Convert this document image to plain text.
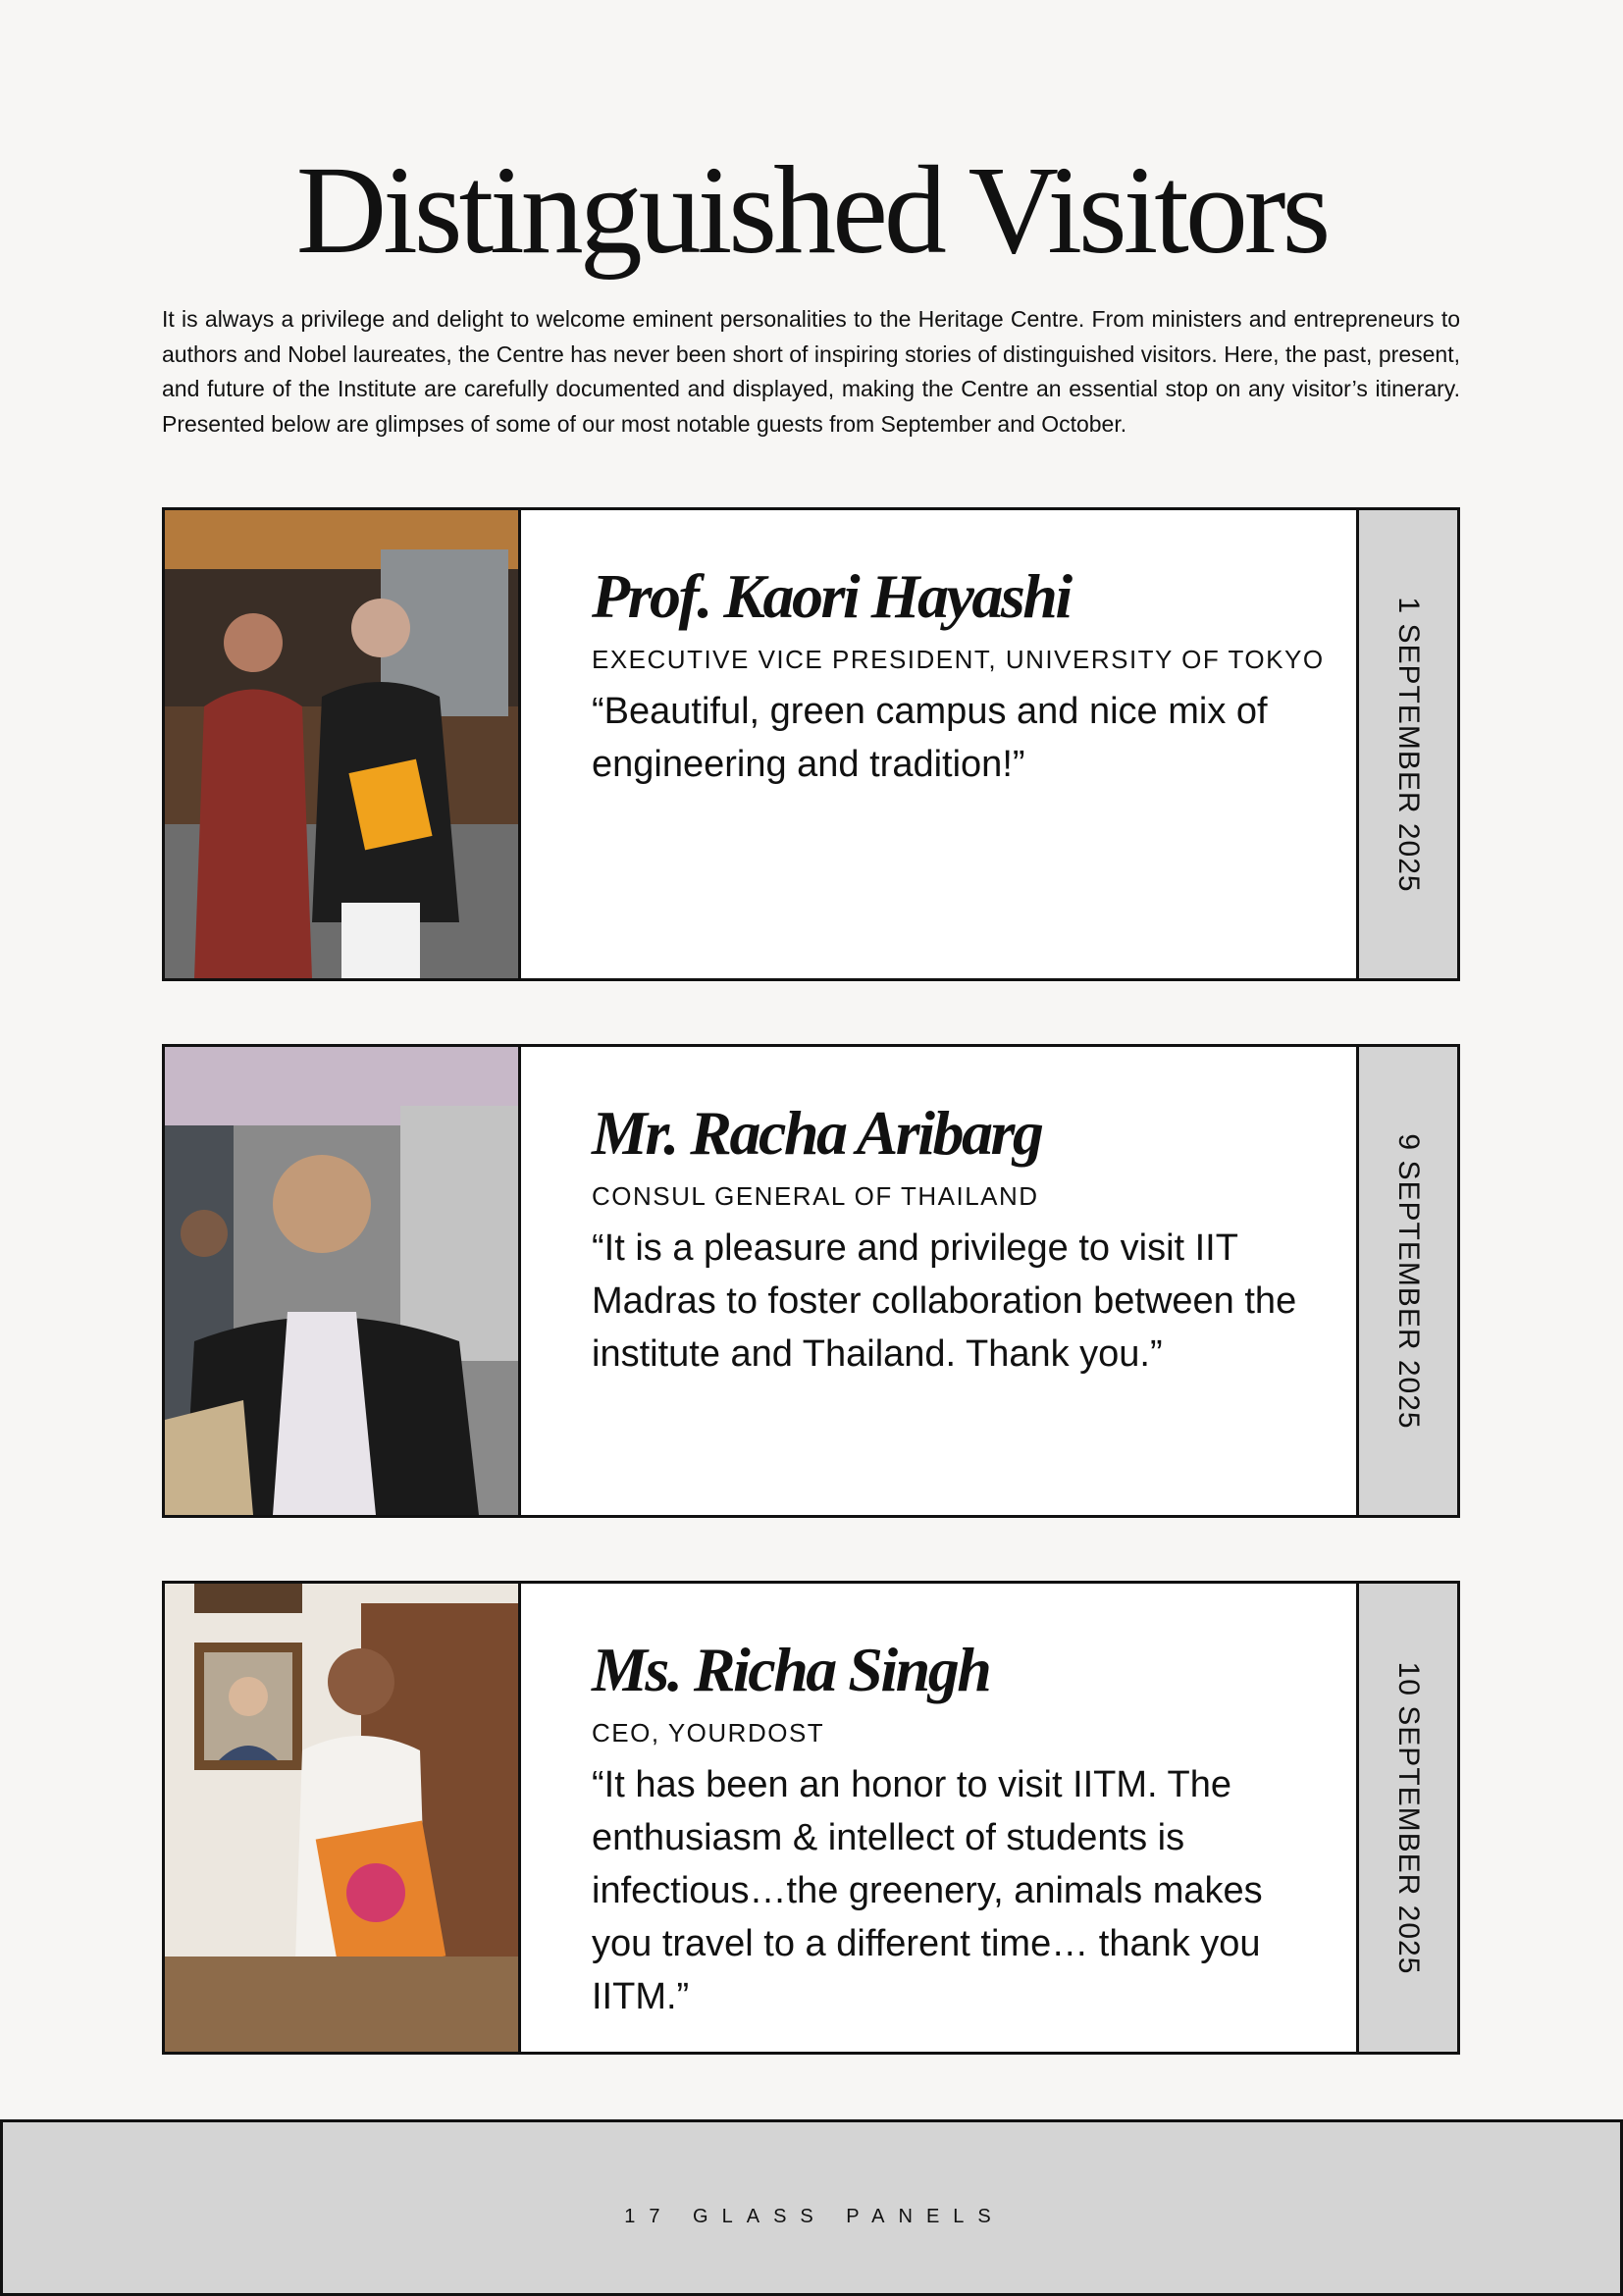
Distinguished Visitors

It is always a privilege and delight to welcome eminent personalities to the Heritage Centre. From ministers and entrepreneurs to authors and Nobel laureates, the Centre has never been short of inspiring stories of distinguished visitors. Here, the past, present, and future of the Institute are carefully documented and displayed, making the Centre an essential stop on any visitor’s itinerary. Presented below are glimpses of some of our most notable guests from September and October.

Prof. Kaori Hayashi
EXECUTIVE VICE PRESIDENT, UNIVERSITY OF TOKYO

“Beautiful, green campus and nice mix of engineering and tradition!”	1 SEPTEMBER 2025
Mr. Racha Aribarg
CONSUL GENERAL OF THAILAND

“It is a pleasure and privilege to visit IIT Madras to foster collaboration between the institute and Thailand. Thank you.”	9 SEPTEMBER 2025
Ms. Richa Singh
CEO, YOURDOST

“It has been an honor to visit IITM. The enthusiasm & intellect of students is infectious…the greenery, animals makes you travel to a different time… thank you IITM.”

10 SEPTEMBER 2025
17 GLASS PANELS
